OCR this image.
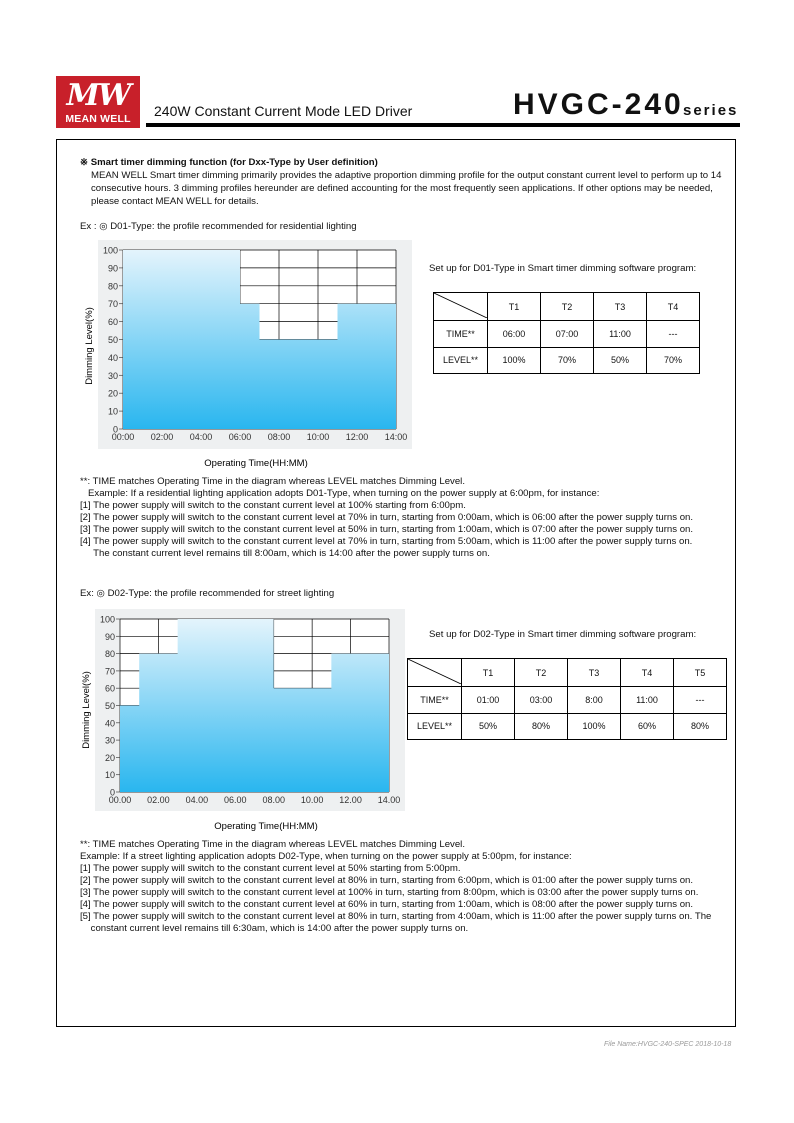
MW
MEAN WELL	240W Constant Current Mode LED Driver	HVGC-240 series
※ Smart timer dimming function (for Dxx-Type by User definition)
MEAN WELL Smart timer dimming primarily provides the adaptive proportion dimming profile for the output constant current level to perform up to 14
consecutive hours. 3 dimming profiles hereunder are defined accounting for the most frequently seen applications. If other options may be needed,
please contact MEAN WELL for details.
Ex : ◎ D01-Type: the profile recommended for residential lighting
0
10
20
30
40
50
60
70
80
90
100
00:00 02:00 04:00 06:00 08:00 10:00 12:00 14:00
Dimming Level(%)
Operating Time(HH:MM)
Set up for D01-Type in Smart timer dimming software program:
	T1	T2	T3	T4
TIME**	06:00	07:00	11:00	---
LEVEL**	100%	70%	50%	70%
**: TIME matches Operating Time in the diagram whereas LEVEL matches Dimming Level.
Example: If a residential lighting application adopts D01-Type, when turning on the power supply at 6:00pm, for instance:
[1] The power supply will switch to the constant current level at 100% starting from 6:00pm.
[2] The power supply will switch to the constant current level at 70% in turn, starting from 0:00am, which is 06:00 after the power supply turns on.
[3] The power supply will switch to the constant current level at 50% in turn, starting from 1:00am, which is 07:00 after the power supply turns on.
[4] The power supply will switch to the constant current level at 70% in turn, starting from 5:00am, which is 11:00 after the power supply turns on.
The constant current level remains till 8:00am, which is 14:00 after the power supply turns on.
Ex: ◎ D02-Type: the profile recommended for street lighting
0
10
20
30
40
50
60
70
80
90
100
00.00 02.00 04.00 06.00 08.00 10.00 12.00 14.00
Dimming Level(%)
Operating Time(HH:MM)
Set up for D02-Type in Smart timer dimming software program:
	T1	T2	T3	T4	T5
TIME**	01:00	03:00	8:00	11:00	---
LEVEL**	50%	80%	100%	60%	80%
**: TIME matches Operating Time in the diagram whereas LEVEL matches Dimming Level.
Example: If a street lighting application adopts D02-Type, when turning on the power supply at 5:00pm, for instance:
[1] The power supply will switch to the constant current level at 50% starting from 5:00pm.
[2] The power supply will switch to the constant current level at 80% in turn, starting from 6:00pm, which is 01:00 after the power supply turns on.
[3] The power supply will switch to the constant current level at 100% in turn, starting from 8:00pm, which is 03:00 after the power supply turns on.
[4] The power supply will switch to the constant current level at 60% in turn, starting from 1:00am, which is 08:00 after the power supply turns on.
[5] The power supply will switch to the constant current level at 80% in turn, starting from 4:00am, which is 11:00 after the power supply turns on. The
constant current level remains till 6:30am, which is 14:00 after the power supply turns on.
File Name:HVGC-240-SPEC 2018-10-18
